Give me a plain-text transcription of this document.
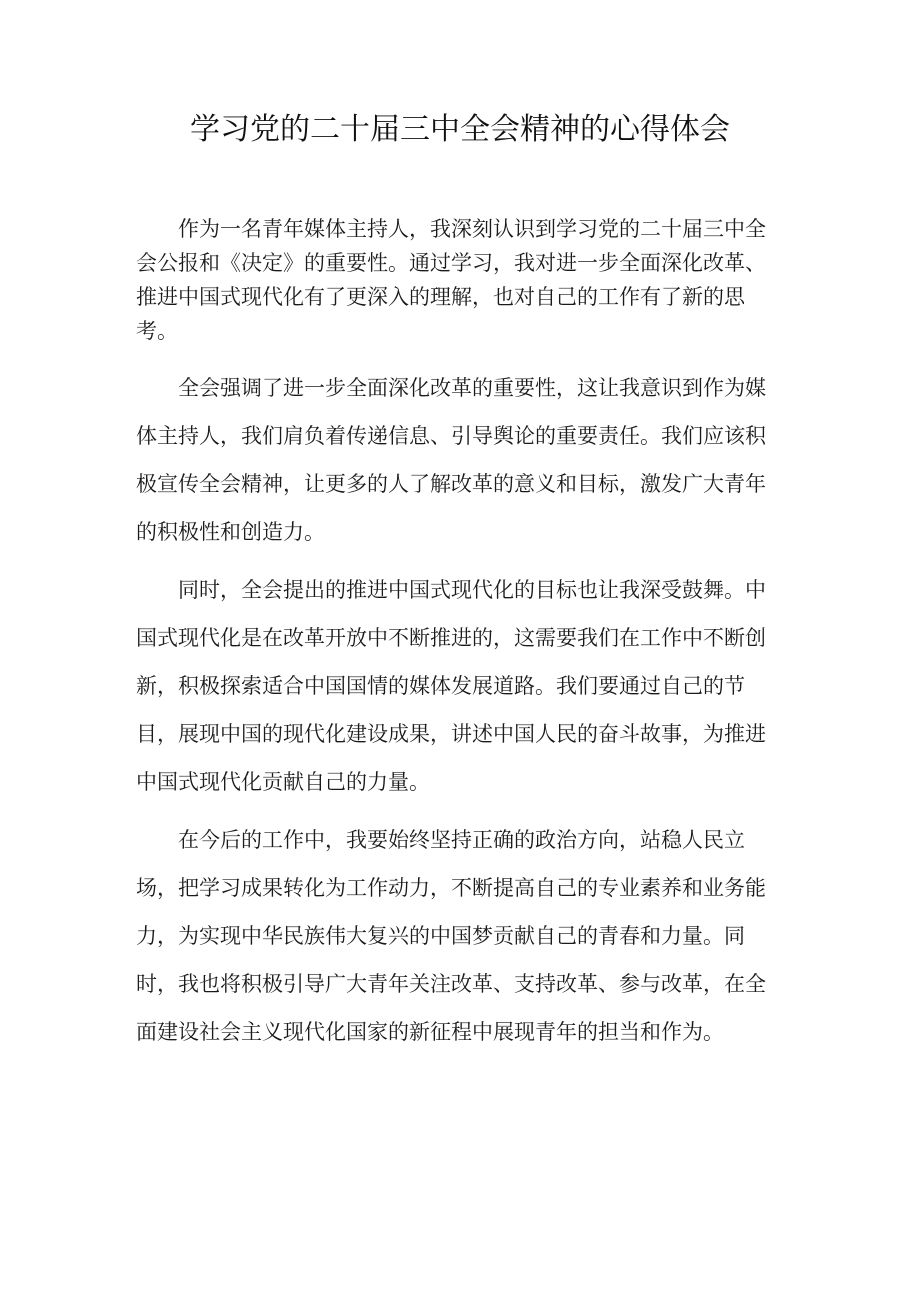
学习党的二十届三中全会精神的心得体会

作为一名青年媒体主持人，我深刻认识到学习党的二十届三中全会公报和《决定》的重要性。通过学习，我对进一步全面深化改革、推进中国式现代化有了更深入的理解，也对自己的工作有了新的思考。

全会强调了进一步全面深化改革的重要性，这让我意识到作为媒体主持人，我们肩负着传递信息、引导舆论的重要责任。我们应该积极宣传全会精神，让更多的人了解改革的意义和目标，激发广大青年的积极性和创造力。

同时，全会提出的推进中国式现代化的目标也让我深受鼓舞。中国式现代化是在改革开放中不断推进的，这需要我们在工作中不断创新，积极探索适合中国国情的媒体发展道路。我们要通过自己的节目，展现中国的现代化建设成果，讲述中国人民的奋斗故事，为推进中国式现代化贡献自己的力量。

在今后的工作中，我要始终坚持正确的政治方向，站稳人民立场，把学习成果转化为工作动力，不断提高自己的专业素养和业务能力，为实现中华民族伟大复兴的中国梦贡献自己的青春和力量。同时，我也将积极引导广大青年关注改革、支持改革、参与改革，在全面建设社会主义现代化国家的新征程中展现青年的担当和作为。
